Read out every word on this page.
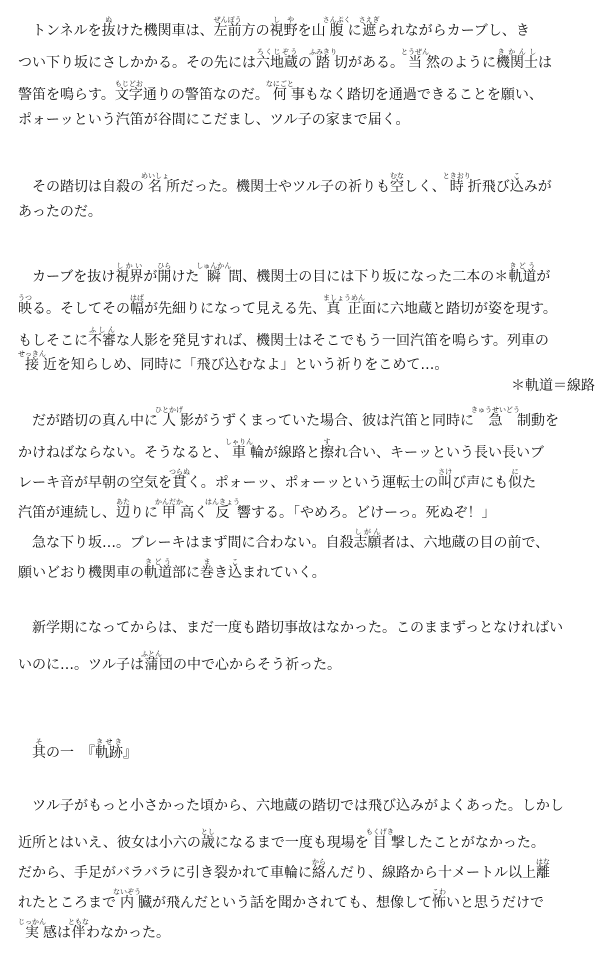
トンネルを抜ぬけた機関車は、左前ぜんぽう方の視野しやを山腹さんぷくに遮さえぎられながらカーブし、き
つい下り坂にさしかかる。その先には六地蔵ろくじぞうの踏ふみきり切がある。当とうぜん然のように機関士きかんしは
警笛を鳴らす。文字もじどお通りの警笛なのだ。何なにごと事もなく踏切を通過できることを願い、
ポォーッという汽笛が谷間にこだまし、ツル子の家まで届く。
その踏切は自殺の名めいしょ所だった。機関士やツル子の祈りも空むなしく、時ときおり折飛び込こみが
あったのだ。
カーブを抜け視界しかいが開ひらけた瞬しゅんかん間、機関士の目には下り坂になった二本の＊軌道きどうが
映うつる。そしてその幅はばが先細りになって見える先、真正ましょうめん面に六地蔵と踏切が姿を現す。
もしそこに不審ふしんな人影を発見すれば、機関士はそこでもう一回汽笛を鳴らす。列車の
接せっきん近を知らしめ、同時に「飛び込むなよ」という祈りをこめて…。
＊軌道＝線路
だが踏切の真ん中に人ひとかげ影がうずくまっていた場合、彼は汽笛と同時に急きゅうせいどう制動を
かけねばならない。そうなると、車しゃりん輪が線路と擦すれ合い、キーッという長い長いブ
レーキ音が早朝の空気を貫つらぬく。ポォーッ、ポォーッという運転士の叫さけび声にも似にた
汽笛が連続し、辺あたりに甲かんだか高く反はんきょう響する。「やめろ。どけーっ。死ぬぞ！」
急な下り坂…。ブレーキはまず間に合わない。自殺志願しがん者は、六地蔵の目の前で、
願いどおり機関車の軌道きどう部に巻まき込こまれていく。
新学期になってからは、まだ一度も踏切事故はなかった。このままずっとなければい
いのに…。ツル子は蒲ふとん団の中で心からそう祈った。
其その一　『軌跡きせき』
ツル子がもっと小さかった頃から、六地蔵の踏切では飛び込みがよくあった。しかし
近所とはいえ、彼女は小六の歳としになるまで一度も現場を目もくげき撃したことがなかった。
だから、手足がバラバラに引き裂かれて車輪に絡からんだり、線路から十メートル以上離はな
れたところまで内ないぞう臓が飛んだという話を聞かされても、想像して怖こわいと思うだけで
実じっかん感は伴ともなわなかった。
